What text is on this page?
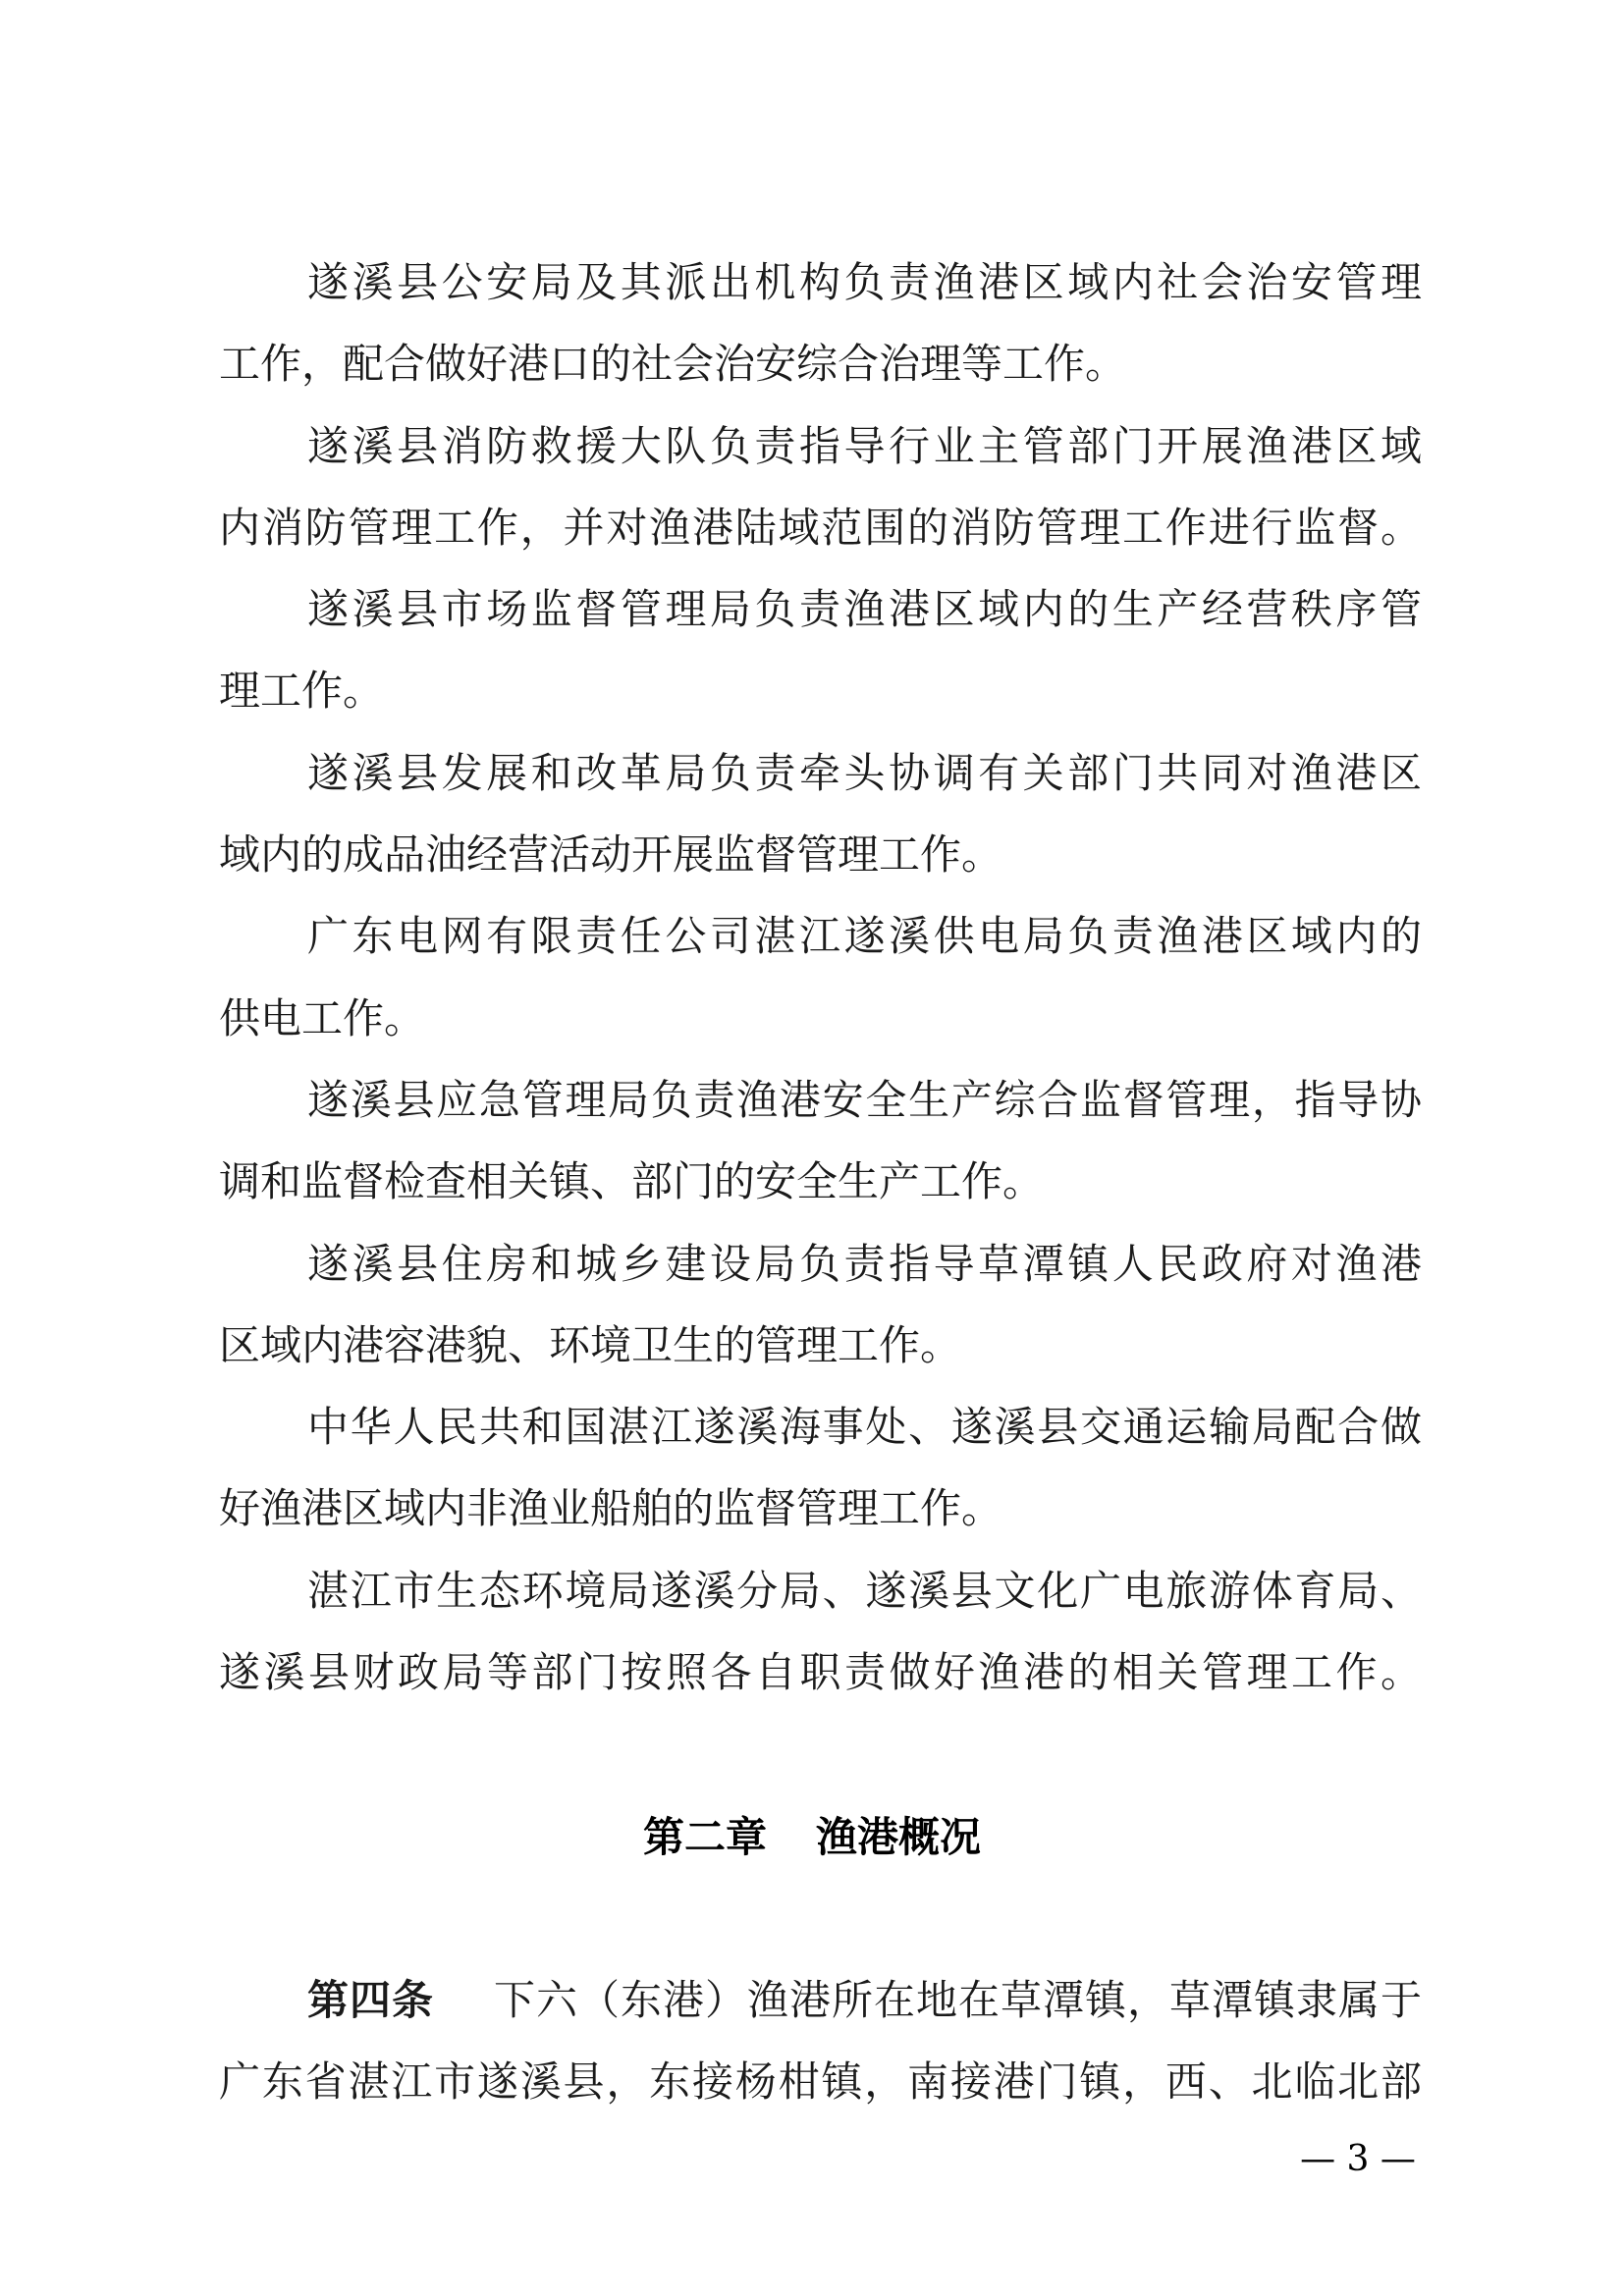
遂溪县公安局及其派出机构负责渔港区域内社会治安管理
工作，配合做好港口的社会治安综合治理等工作。
遂溪县消防救援大队负责指导行业主管部门开展渔港区域
内消防管理工作，并对渔港陆域范围的消防管理工作进行监督。
遂溪县市场监督管理局负责渔港区域内的生产经营秩序管
理工作。
遂溪县发展和改革局负责牵头协调有关部门共同对渔港区
域内的成品油经营活动开展监督管理工作。
广东电网有限责任公司湛江遂溪供电局负责渔港区域内的
供电工作。
遂溪县应急管理局负责渔港安全生产综合监督管理，指导协
调和监督检查相关镇、部门的安全生产工作。
遂溪县住房和城乡建设局负责指导草潭镇人民政府对渔港
区域内港容港貌、环境卫生的管理工作。
中华人民共和国湛江遂溪海事处、遂溪县交通运输局配合做
好渔港区域内非渔业船舶的监督管理工作。
湛江市生态环境局遂溪分局、遂溪县文化广电旅游体育局、
遂溪县财政局等部门按照各自职责做好渔港的相关管理工作。
第二章 渔港概况
第四条 下六（东港）渔港所在地在草潭镇，草潭镇隶属于
广东省湛江市遂溪县，东接杨柑镇，南接港门镇，西、北临北部
— 3 —
